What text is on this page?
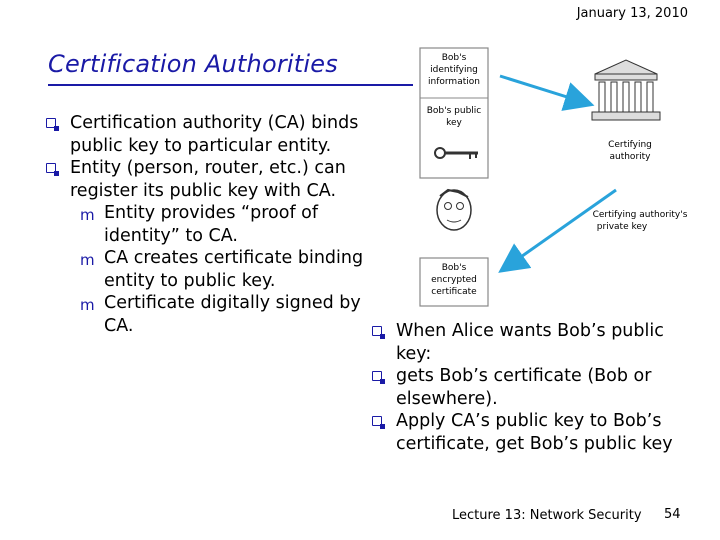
January 13, 2010
Certification Authorities
Certification authority (CA) binds public key to particular entity.
Entity (person, router, etc.) can register its public key with CA.
m Entity provides “proof of identity” to CA.
m CA creates certificate binding entity to public key.
m Certificate digitally signed by CA.
Bob's
identifying
information
Bob's public
key
Bob's
encrypted
certificate
Certifying
authority
Certifying authority's
private key
When Alice wants Bob’s public key:
gets Bob’s certificate (Bob or elsewhere).
Apply CA’s public key to Bob’s certificate, get Bob’s public key
Lecture 13: Network Security 54
